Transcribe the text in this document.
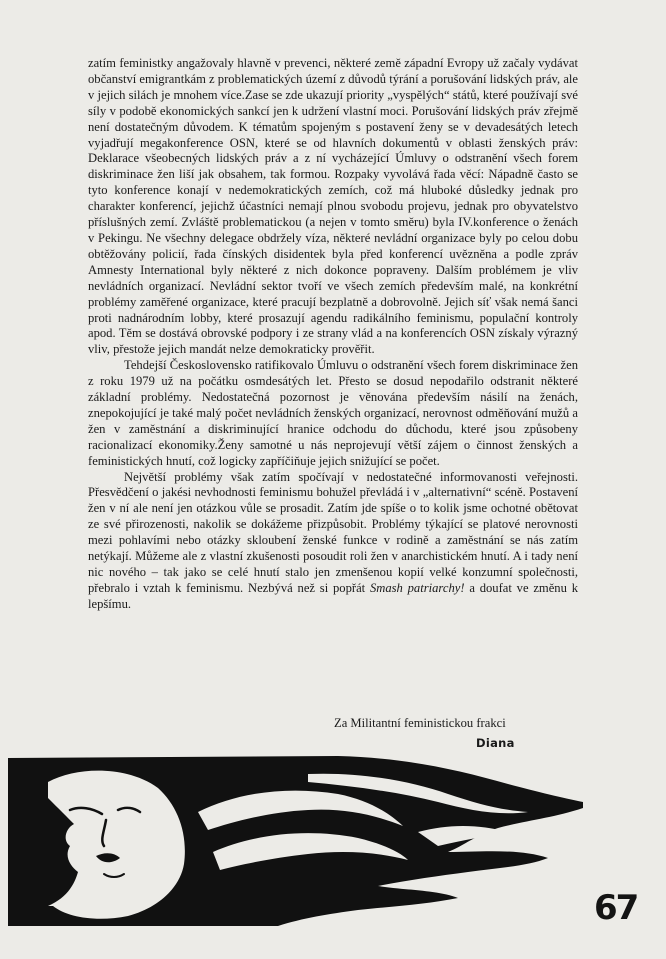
zatím feministky angažovaly hlavně v prevenci, některé země západní Evropy už začaly vydávat občanství emigrantkám z problematických území z důvodů týrání a porušování lidských práv, ale v jejich silách je mnohem více.Zase se zde ukazují priority „vyspělých“ států, které používají své síly v podobě ekonomických sankcí jen k udržení vlastní moci. Porušování lidských práv zřejmě není dostatečným důvodem. K tématům spojeným s postavení ženy se v devadesátých letech vyjadřují megakonference OSN, které se od hlavních dokumentů v oblasti ženských práv: Deklarace všeobecných lidských práv a z ní vycházející Úmluvy o odstranění všech forem diskriminace žen liší jak obsahem, tak formou. Rozpaky vyvolává řada věcí: Nápadně často se tyto konference konají v nedemokratických zemích, což má hluboké důsledky jednak pro charakter konferencí, jejichž účastníci nemají plnou svobodu projevu, jednak pro obyvatelstvo příslušných zemí. Zvláště problematickou (a nejen v tomto směru) byla IV.konference o ženách v Pekingu. Ne všechny delegace obdržely víza, některé nevládní organizace byly po celou dobu obtěžovány policií, řada čínských disidentek byla před konferencí uvězněna a podle zpráv Amnesty International byly některé z nich dokonce popraveny. Dalším problémem je vliv nevládních organizací. Nevládní sektor tvoří ve všech zemích především malé, na konkrétní problémy zaměřené organizace, které pracují bezplatně a dobrovolně. Jejich síť však nemá šanci proti nadnárodním lobby, které prosazují agendu radikálního feminismu, populační kontroly apod. Těm se dostává obrovské podpory i ze strany vlád a na konferencích OSN získaly výrazný vliv, přestože jejich mandát nelze demokraticky prověřit.

Tehdejší Československo ratifikovalo Úmluvu o odstranění všech forem diskriminace žen z roku 1979 už na počátku osmdesátých let. Přesto se dosud nepodařilo odstranit některé základní problémy. Nedostatečná pozornost je věnována především násilí na ženách, znepokojující je také malý počet nevládních ženských organizací, nerovnost odměňování mužů a žen v zaměstnání a diskriminující hranice odchodu do důchodu, které jsou způsobeny racionalizací ekonomiky.Ženy samotné u nás neprojevují větší zájem o činnost ženských a feministických hnutí, což logicky zapříčiňuje jejich snižující se počet.

Největší problémy však zatím spočívají v nedostatečné informovanosti veřejnosti. Přesvědčení o jakési nevhodnosti feminismu bohužel převládá i v „alternativní“ scéně. Postavení žen v ní ale není jen otázkou vůle se prosadit. Zatím jde spíše o to kolik jsme ochotné obětovat ze své přirozenosti, nakolik se dokážeme přizpůsobit. Problémy týkající se platové nerovnosti mezi pohlavími nebo otázky skloubení ženské funkce v rodině a zaměstnání se nás zatím netýkají. Můžeme ale z vlastní zkušenosti posoudit roli žen v anarchistickém hnutí. A i tady není nic nového – tak jako se celé hnutí stalo jen zmenšenou kopií velké konzumní společnosti, přebralo i vztah k feminismu. Nezbývá než si popřát Smash patriarchy! a doufat ve změnu k lepšímu.

Za Militantní feministickou frakci
Diana
67
